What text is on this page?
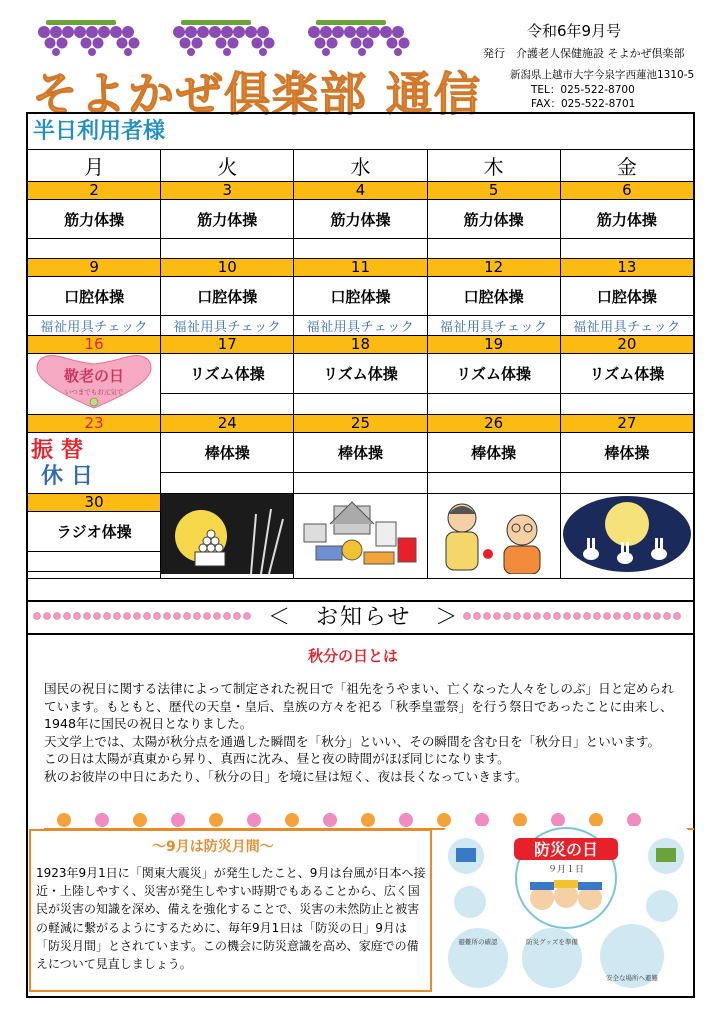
そよかぜ倶楽部 通信
令和6年9月号
発行　介護老人保健施設 そよかぜ倶楽部
新潟県上越市大字今泉字西蓮池1310-5
TEL：025-522-8700
FAX：025-522-8701
半日利用者様
月	火	水	木	金
2	3	4	5	6
筋力体操	筋力体操	筋力体操	筋力体操	筋力体操

9	10	11	12	13
口腔体操	口腔体操	口腔体操	口腔体操	口腔体操
福祉用具チェック	福祉用具チェック	福祉用具チェック	福祉用具チェック	福祉用具チェック
16	17	18	19	20

敬老の日
いつまでもお元気で	リズム体操	リズム体操	リズム体操	リズム体操

23	24	25	26	27

振替
休日	棒体操	棒体操	棒体操	棒体操

30				
ラジオ体操				

＜　お知らせ　＞
秋分の日とは

国民の祝日に関する法律によって制定された祝日で「祖先をうやまい、亡くなった人々をしのぶ」日と定められています。もともと、歴代の天皇・皇后、皇族の方々を祀る「秋季皇霊祭」を行う祭日であったことに由来し、1948年に国民の祝日となりました。

天文学上では、太陽が秋分点を通過した瞬間を「秋分」といい、その瞬間を含む日を「秋分日」といいます。

この日は太陽が真東から昇り、真西に沈み、昼と夜の時間がほぼ同じになります。

秋のお彼岸の中日にあたり、「秋分の日」を境に昼は短く、夜は長くなっていきます。

～9月は防災月間～
1923年9月1日に「関東大震災」が発生したこと、9月は台風が日本へ接近・上陸しやすく、災害が発生しやすい時期でもあることから、広く国民が災害の知識を深め、備えを強化することで、災害の未然防止と被害の軽減に繋がるようにするために、毎年9月1日は「防災の日」9月は「防災月間」とされています。この機会に防災意識を高め、家庭での備えについて見直しましょう。
防災の日
９月１日
避難所の確認	防災グッズを準備
安全な場所へ避難
